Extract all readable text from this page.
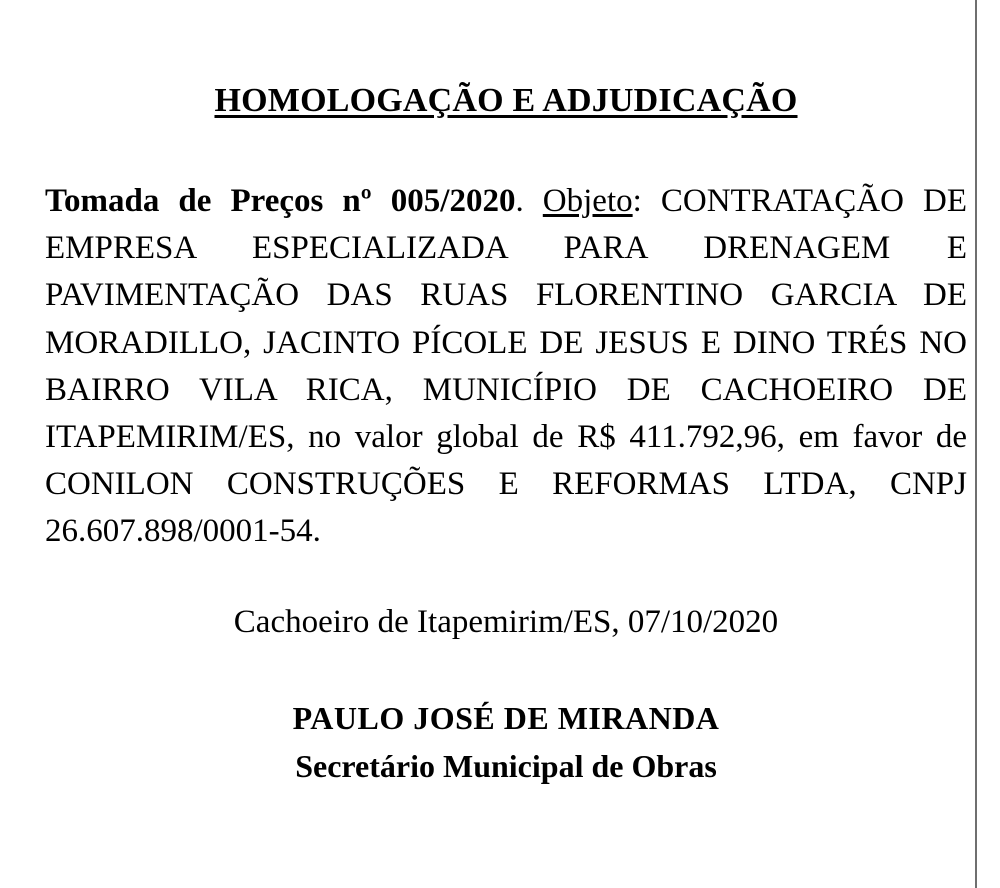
HOMOLOGAÇÃO E ADJUDICAÇÃO

Tomada de Preços nº 005/2020. Objeto: CONTRATAÇÃO DE EMPRESA ESPECIALIZADA PARA DRENAGEM E PAVIMENTAÇÃO DAS RUAS FLORENTINO GARCIA DE MORADILLO, JACINTO PÍCOLE DE JESUS E DINO TRÉS NO BAIRRO VILA RICA, MUNICÍPIO DE CACHOEIRO DE ITAPEMIRIM/ES, no valor global de R$ 411.792,96, em favor de CONILON CONSTRUÇÕES E REFORMAS LTDA, CNPJ 26.607.898/0001-54.

Cachoeiro de Itapemirim/ES, 07/10/2020

PAULO JOSÉ DE MIRANDA

Secretário Municipal de Obras
